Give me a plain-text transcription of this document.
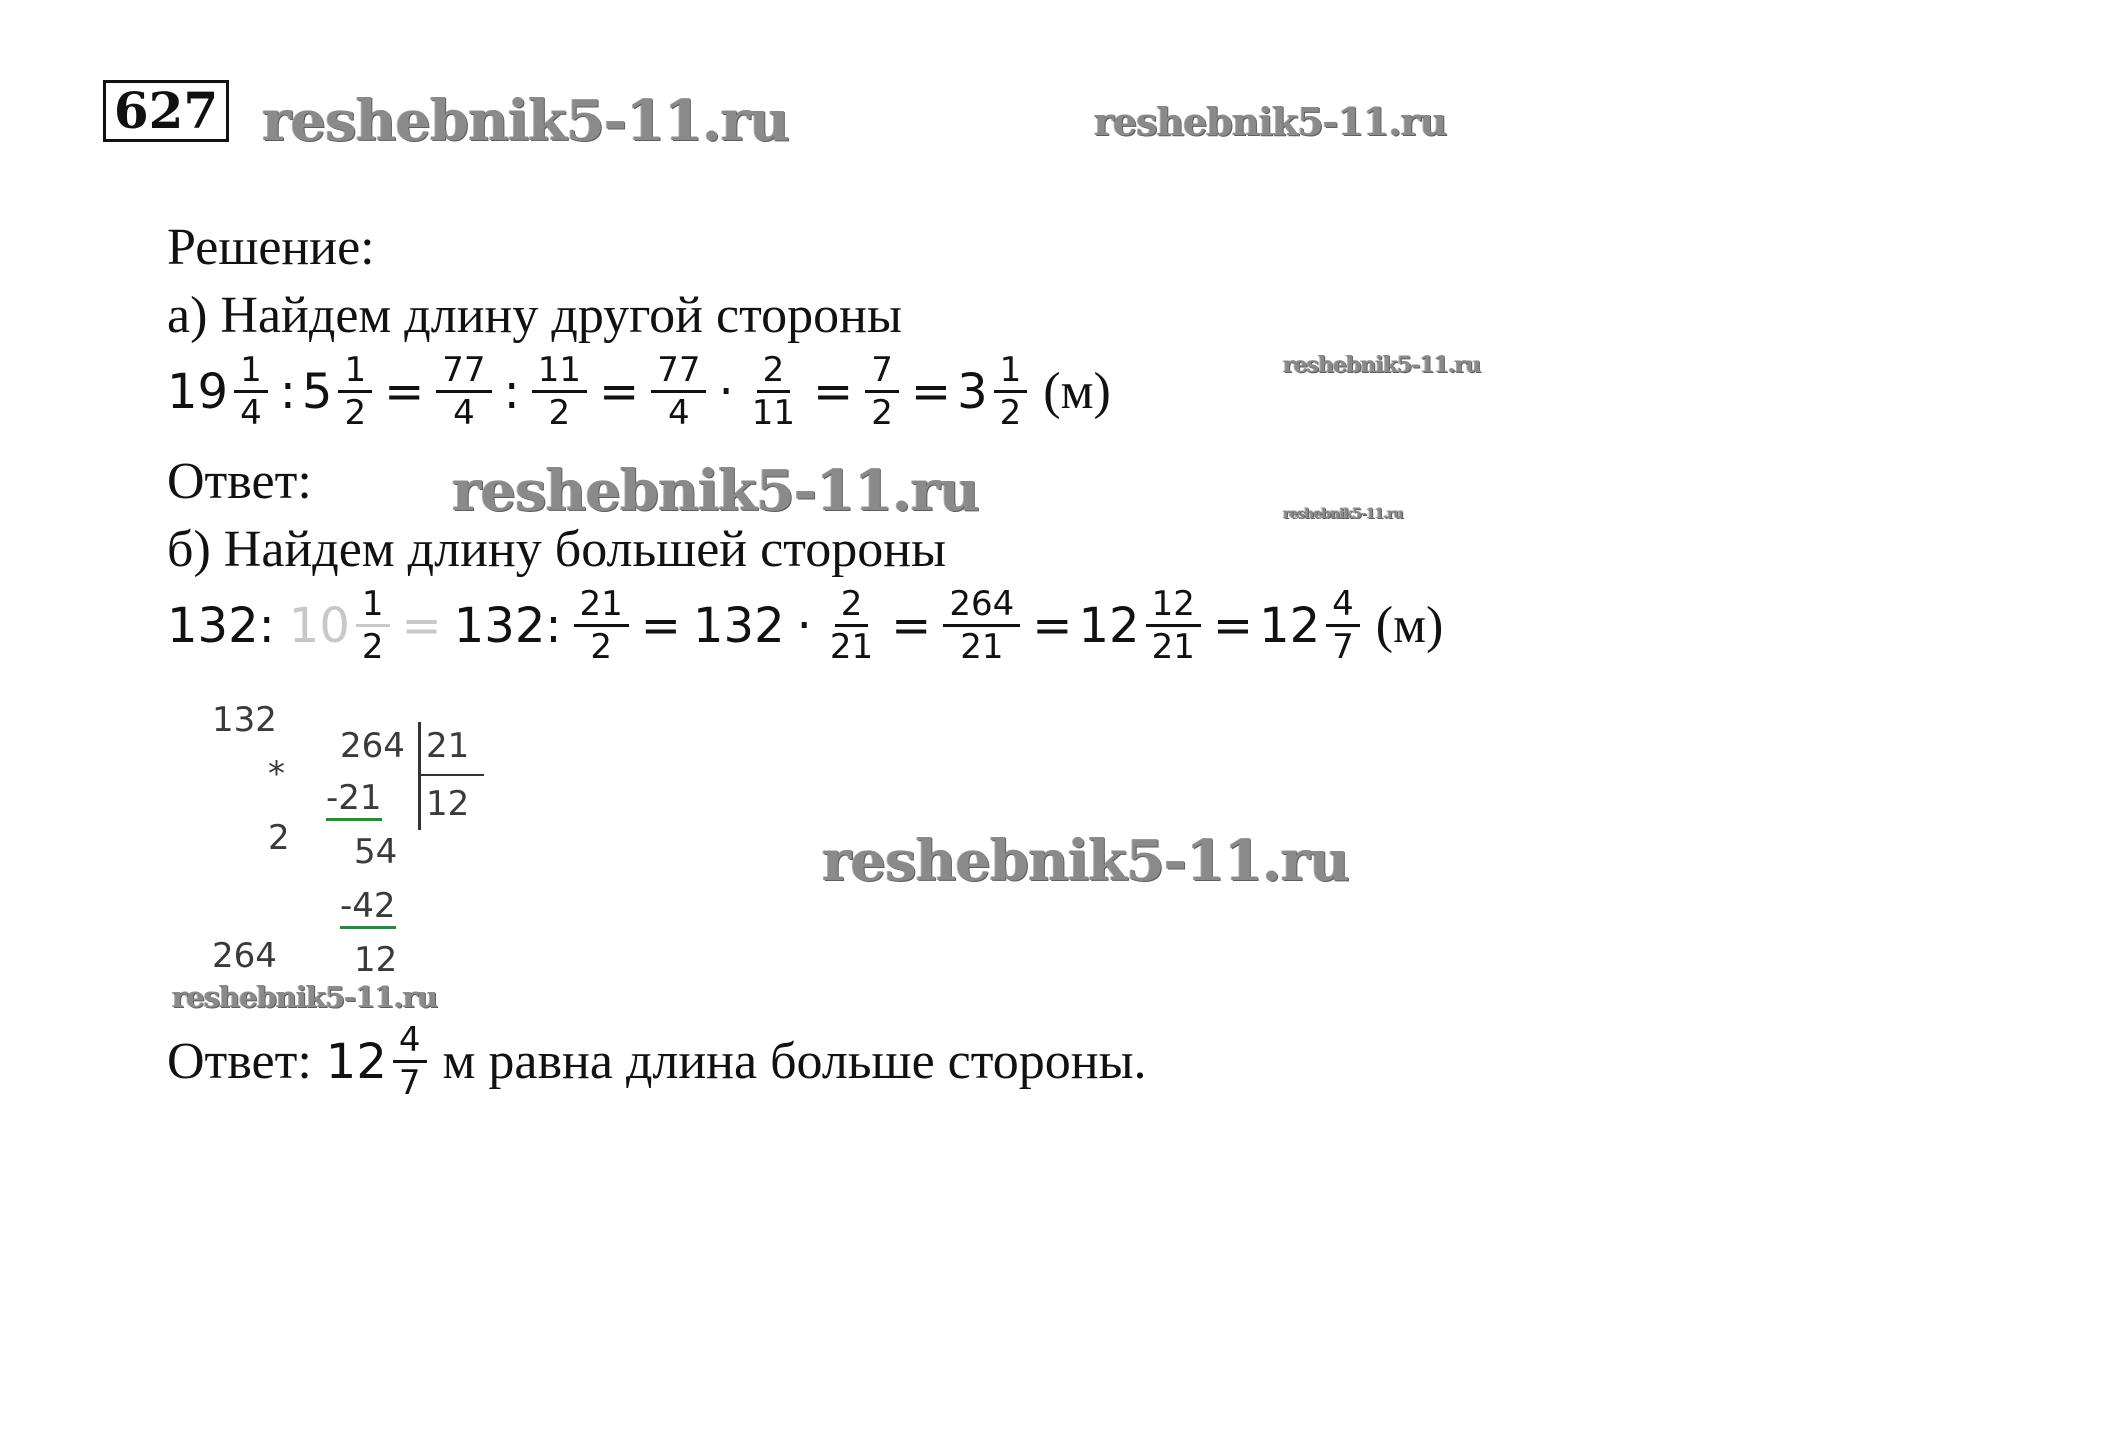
627 reshebnik5-11.ru	reshebnik5-11.ru
Решение:
а) Найдем длину другой стороны
$19 \frac{1}{4}$ : $5 \frac{1}{2} = \frac{77}{4}$ : $\frac{11}{2} = \frac{77}{4} \cdot \frac{2}{11} = \frac{7}{2} = 3 \frac{1}{2} (м)$	reshebnik5-11.ru
Ответ:	reshebnik5-11.ru	reshebnik5-11.ru
б) Найдем длину большей стороны
132: $10 \frac{1}{2} = 132$: $\frac{21}{2} = 132 \cdot \frac{2}{21} = \frac{264}{21} = 12 \frac{12}{21} = 12 \frac{4}{7} (м)$
132
*
2
264
264 21
12
-21
54
-42
12
reshebnik5-11.ru
reshebnik5-11.ru
Ответ: $12 \frac{4}{7}$ м равна длина больше стороны.
